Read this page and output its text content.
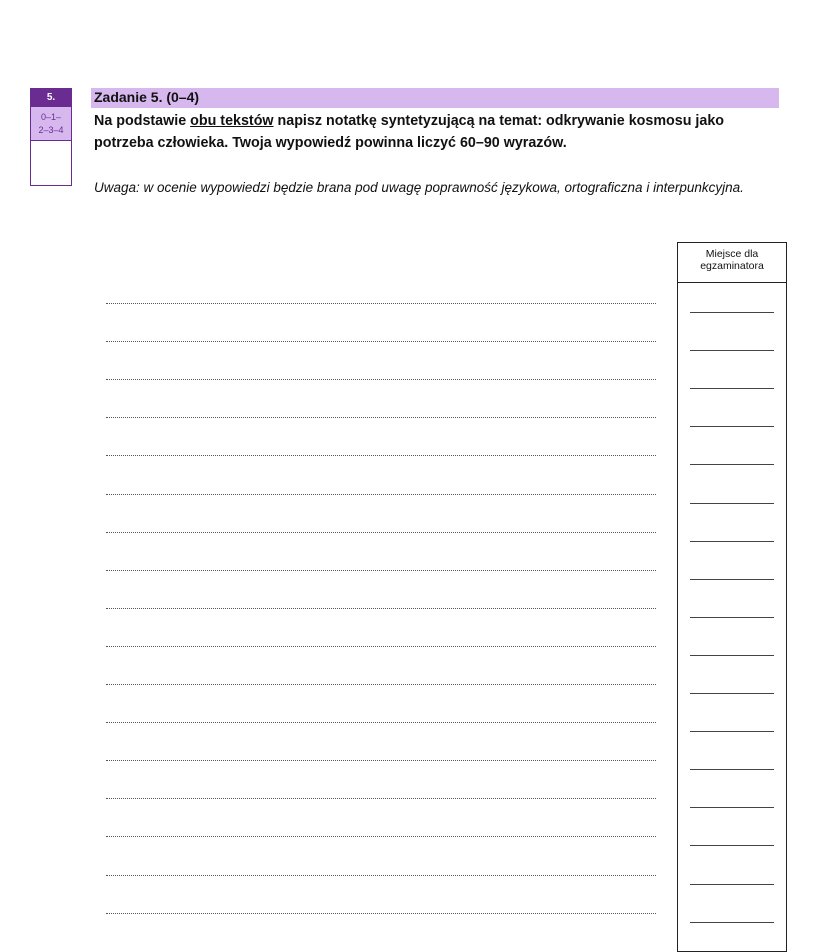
5.
0–1–
2–3–4
Zadanie 5. (0–4)
Na podstawie obu tekstów napisz notatkę syntetyzującą na temat: odkrywanie kosmosu jako potrzeba człowieka. Twoja wypowiedź powinna liczyć 60–90 wyrazów.
Uwaga: w ocenie wypowiedzi będzie brana pod uwagę poprawność językowa, ortograficzna i interpunkcyjna.
Miejsce dla
egzaminatora
